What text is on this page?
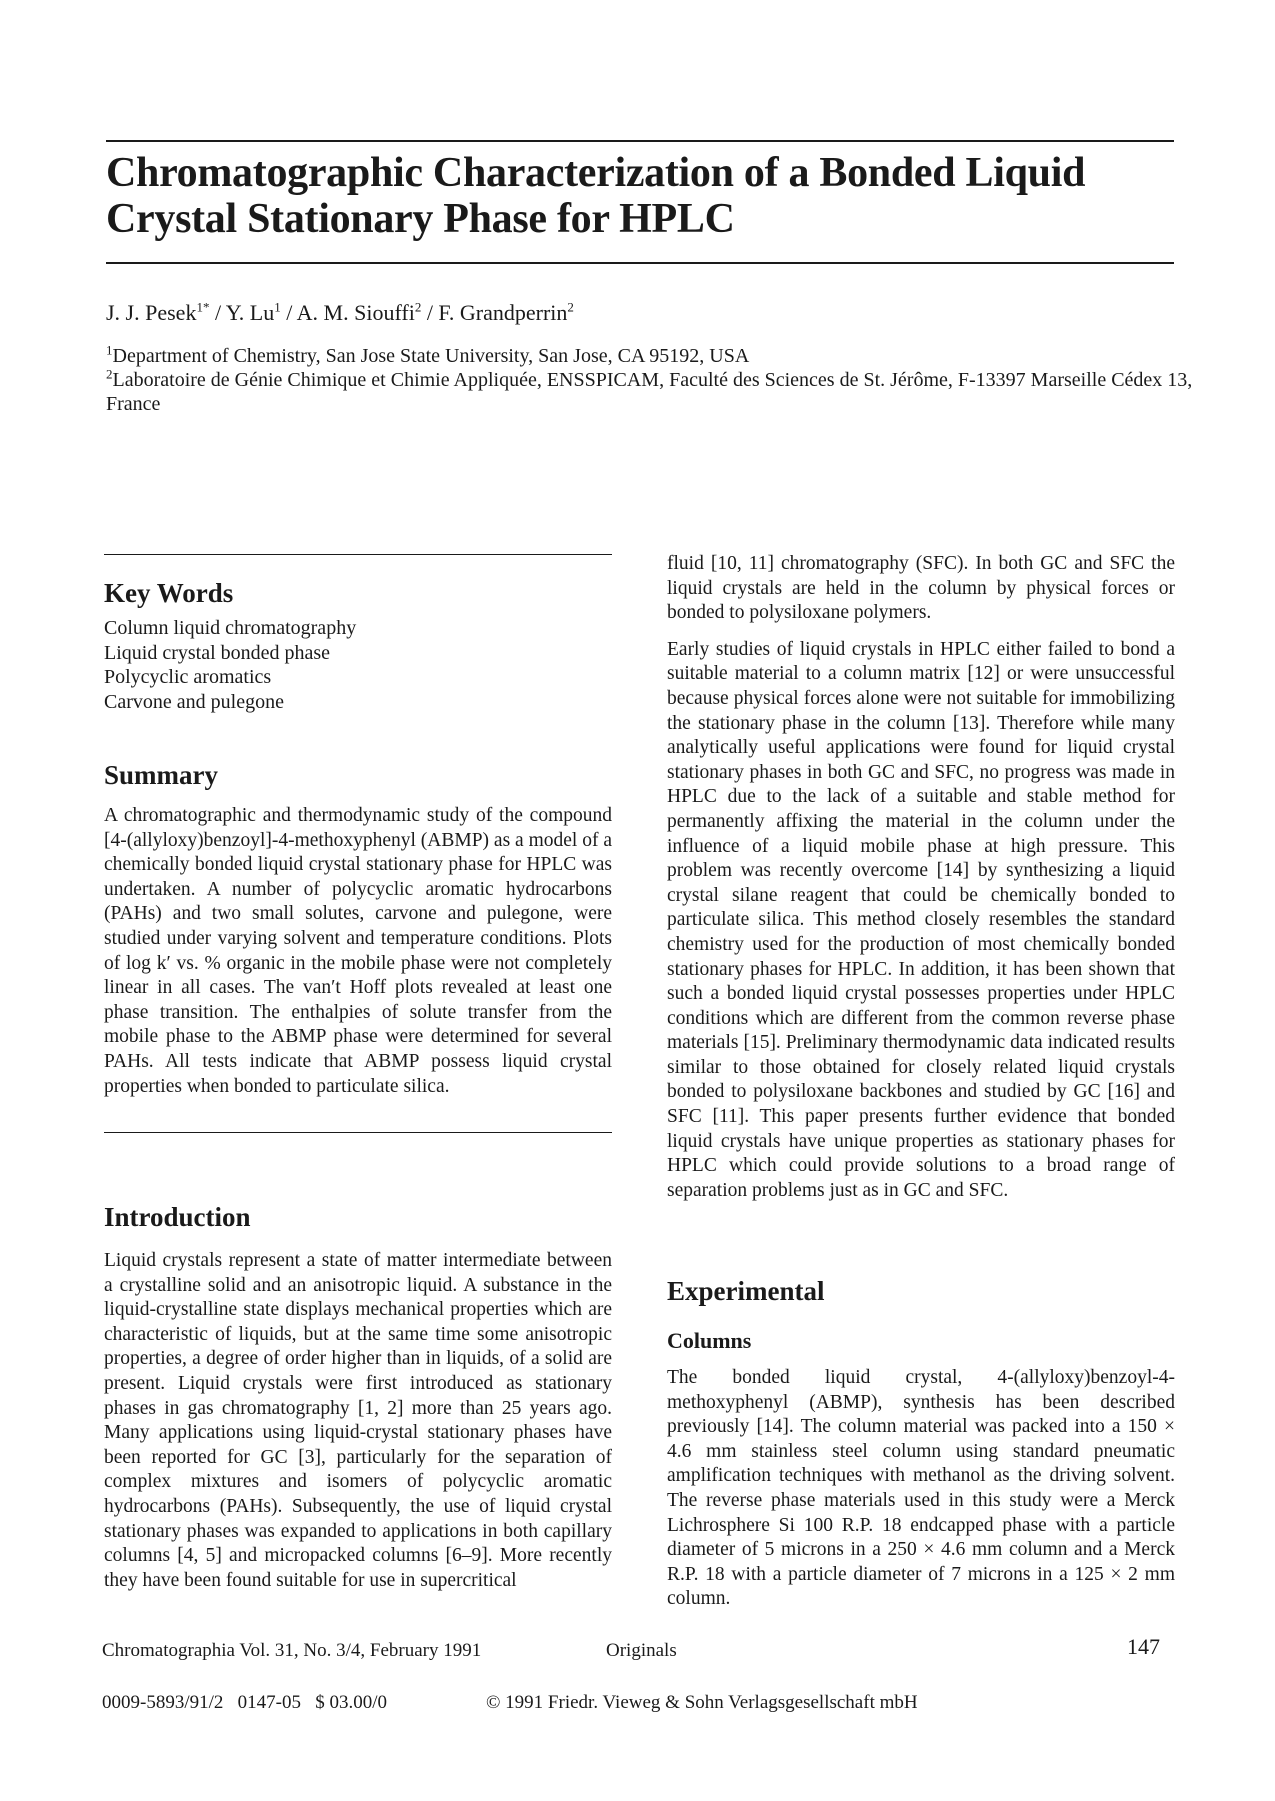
Chromatographic Characterization of a Bonded Liquid Crystal Stationary Phase for HPLC
J. J. Pesek$^{1*}$ / Y. Lu$^1$ / A. M. Siouffi$^2$ / F. Grandperrin$^2$
$^1$Department of Chemistry, San Jose State University, San Jose, CA 95192, USA
$^2$Laboratoire de Génie Chimique et Chimie Appliquée, ENSSPICAM, Faculté des Sciences de St. Jérôme, F-13397 Marseille Cédex 13, France
Key Words
Column liquid chromatography
Liquid crystal bonded phase
Polycyclic aromatics
Carvone and pulegone
Summary

A chromatographic and thermodynamic study of the compound [4-(allyloxy)benzoyl]-4-methoxyphenyl (ABMP) as a model of a chemically bonded liquid crystal stationary phase for HPLC was undertaken. A number of polycyclic aromatic hydrocarbons (PAHs) and two small solutes, carvone and pulegone, were studied under varying solvent and temperature conditions. Plots of log k′ vs. % organic in the mobile phase were not completely linear in all cases. The van′t Hoff plots revealed at least one phase transition. The enthalpies of solute transfer from the mobile phase to the ABMP phase were determined for several PAHs. All tests indicate that ABMP possess liquid crystal properties when bonded to particulate silica.

Introduction

Liquid crystals represent a state of matter intermediate between a crystalline solid and an anisotropic liquid. A substance in the liquid-crystalline state displays mechanical properties which are characteristic of liquids, but at the same time some anisotropic properties, a degree of order higher than in liquids, of a solid are present. Liquid crystals were first introduced as stationary phases in gas chromatography [1, 2] more than 25 years ago. Many applications using liquid-crystal stationary phases have been reported for GC [3], particularly for the separation of complex mixtures and isomers of polycyclic aromatic hydrocarbons (PAHs). Subsequently, the use of liquid crystal stationary phases was expanded to applications in both capillary columns [4, 5] and micropacked columns [6–9]. More recently they have been found suitable for use in supercritical

fluid [10, 11] chromatography (SFC). In both GC and SFC the liquid crystals are held in the column by physical forces or bonded to polysiloxane polymers.

Early studies of liquid crystals in HPLC either failed to bond a suitable material to a column matrix [12] or were unsuccessful because physical forces alone were not suitable for immobilizing the stationary phase in the column [13]. Therefore while many analytically useful applications were found for liquid crystal stationary phases in both GC and SFC, no progress was made in HPLC due to the lack of a suitable and stable method for permanently affixing the material in the column under the influence of a liquid mobile phase at high pressure. This problem was recently overcome [14] by synthesizing a liquid crystal silane reagent that could be chemically bonded to particulate silica. This method closely resembles the standard chemistry used for the production of most chemically bonded stationary phases for HPLC. In addition, it has been shown that such a bonded liquid crystal possesses properties under HPLC conditions which are different from the common reverse phase materials [15]. Preliminary thermodynamic data indicated results similar to those obtained for closely related liquid crystals bonded to polysiloxane backbones and studied by GC [16] and SFC [11]. This paper presents further evidence that bonded liquid crystals have unique properties as stationary phases for HPLC which could provide solutions to a broad range of separation problems just as in GC and SFC.

Experimental
Columns

The bonded liquid crystal, 4-(allyloxy)benzoyl-4-methoxyphenyl (ABMP), synthesis has been described previously [14]. The column material was packed into a 150 × 4.6 mm stainless steel column using standard pneumatic amplification techniques with methanol as the driving solvent. The reverse phase materials used in this study were a Merck Lichrosphere Si 100 R.P. 18 endcapped phase with a particle diameter of 5 microns in a 250 × 4.6 mm column and a Merck R.P. 18 with a particle diameter of 7 microns in a 125 × 2 mm column.

Chromatographia Vol. 31, No. 3/4, February 1991	Originals	147
0009-5893/91/2   0147-05   $ 03.00/0	© 1991 Friedr. Vieweg & Sohn Verlagsgesellschaft mbH
